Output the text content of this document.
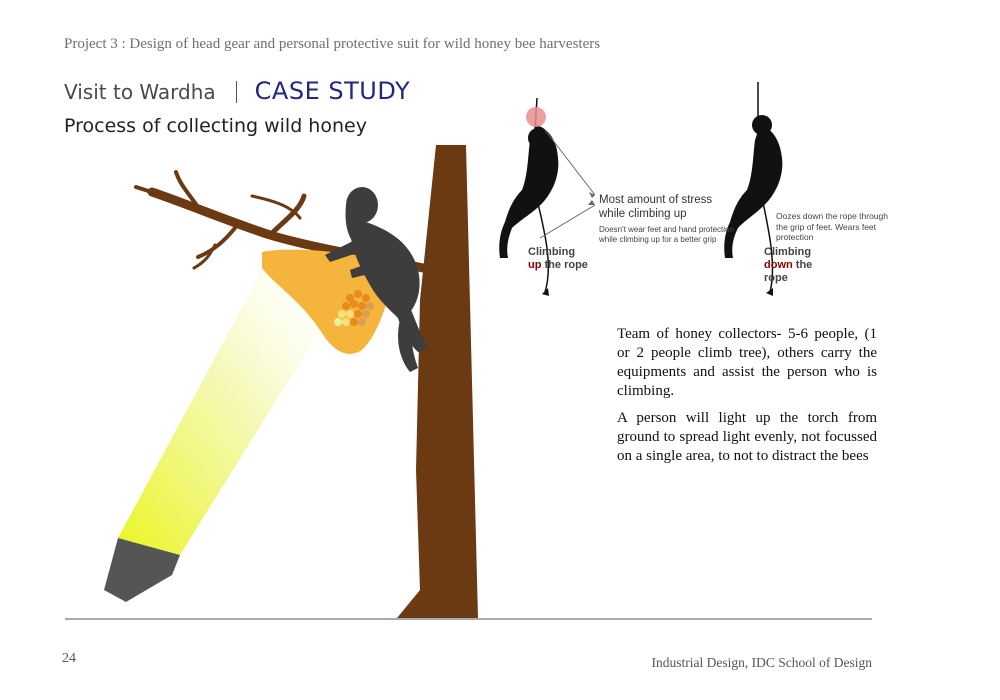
Project 3 : Design of head gear and personal protective suit for wild honey bee harvesters
Visit to Wardha CASE STUDY
Process of collecting wild honey
Most amount of stress while climbing up
Doesn't wear feet and hand protection while climbing up for a better grip
Climbing
up the rope
Climbing
down the rope
Oozes down the rope through the grip of feet. Wears feet protection
Team of honey collectors- 5-6 people, (1 or 2 people climb tree), others carry the equipments and assist the person who is climbing.
A person will light up the torch from ground to spread light evenly, not focussed on a single area, to not to distract the bees
24	Industrial Design, IDC School of Design
